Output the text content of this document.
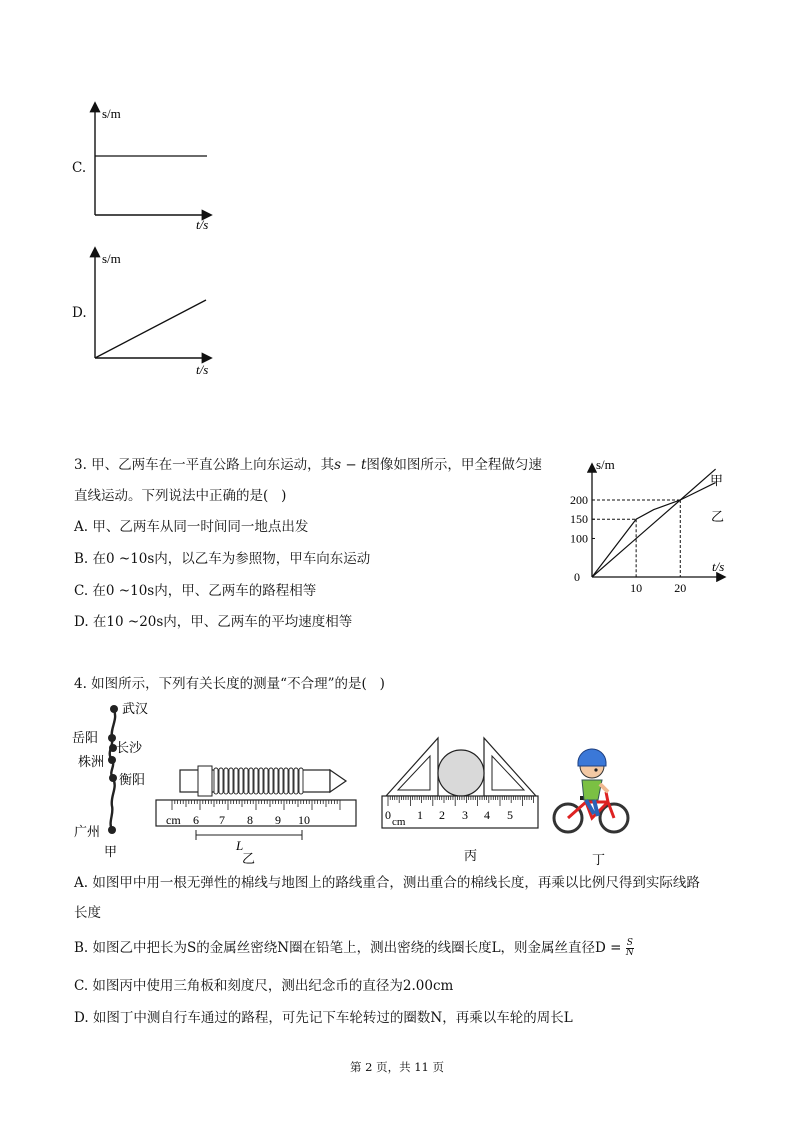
C.
s/m
t/s
D.
s/m
t/s
3. 甲、乙两车在一平直公路上向东运动，其s − t图像如图所示，甲全程做匀速
直线运动。下列说法中正确的是(   )
A. 甲、乙两车从同一时间同一地点出发
B. 在0 ~10s内，以乙车为参照物，甲车向东运动
C. 在0 ~10s内，甲、乙两车的路程相等
D. 在10 ~20s内，甲、乙两车的平均速度相等
甲
乙
100
150
200
10	20
0
s/m
t/s
4. 如图所示，下列有关长度的测量“不合理”的是(   )
武汉
岳阳
长沙
株洲
衡阳
广州
甲
cm 6 7 8 9 10
L
乙
0 cm 1 2 3 4 5
丙	丁
A. 如图甲中用一根无弹性的棉线与地图上的路线重合，测出重合的棉线长度，再乘以比例尺得到实际线路
长度
B. 如图乙中把长为S的金属丝密绕N圈在铅笔上，测出密绕的线圈长度L，则金属丝直径$D = \frac{S}{N}$
C. 如图丙中使用三角板和刻度尺，测出纪念币的直径为2.00cm
D. 如图丁中测自行车通过的路程，可先记下车轮转过的圈数N，再乘以车轮的周长L
第 2 页，共 11 页
